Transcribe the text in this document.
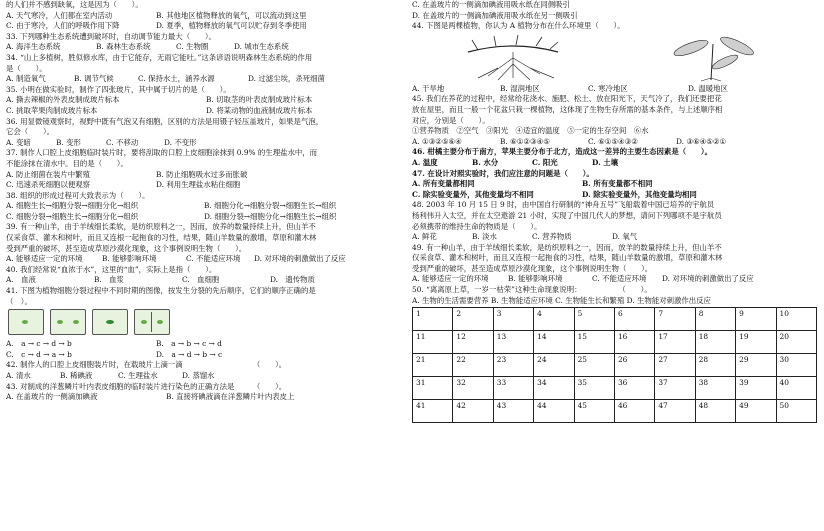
的人们并不感到缺氧，这是因为（　　）。
A. 天气寒冷，人们都在室内活动	B. 其他地区植物释放的氧气，可以流动到这里
C. 由于寒冷，人们的呼吸作用下降	D. 夏季，植物释放的氧气可以贮存到冬季使用
33. 下列哪种生态系统遭到破坏时，自动调节能力最大（　　）。
A. 海洋生态系统	B. 森林生态系统	C. 生物圈	D. 城市生态系统
34. “山上多植树，胜似修水库，由于它能存，无雨它能吐。”这条谚语说明森林生态系统的作用
是（　　）。
A. 制造氧气	B. 调节气候	C. 保持水土，涵养水源	D. 过滤尘埃，杀死细菌
35. 小明在做实验时，制作了四张玻片，其中属于切片的是（　　）。
A. 撕去辣椒的外表皮制成玻片标本	B. 切取茎的叶表皮制成玻片标本
C. 挑取苹果肉制成玻片标本	D. 将某动物的血液制成玻片标本
36. 用显微镜观察时，视野中既有气泡又有细胞，区别的方法是用镊子轻压盖玻片，如果是气泡，
它会（　　）。
A. 变暗	B. 变形	C. 不移动	D. 不变形
37. 制作人口腔上皮细胞临时装片时，要将刮取的口腔上皮细胞涂抹到 0.9% 的生理盐水中，而
不能涂抹在清水中。目的是（　　）。
A. 防止细菌在装片中繁殖	B. 防止细胞吸水过多而胀破
C. 迅速杀死细胞以便观察	D. 利用生理盐水粘住细胞
38. 组织的形成过程可大致表示为（　　）。
A. 细胞生长→细胞分裂→细胞分化→组织	B. 细胞分化→细胞分裂→细胞生长→组织
C. 细胞分裂→细胞生长→细胞分化→组织	D. 细胞分裂→细胞分化→细胞生长→组织
39. 有一种山羊，由于羊绒细长柔软，是纺织原料之一，因而，放养的数量持续上升，但山羊不
仅采食草、灌木和树叶，而且又连根一起拖食的习性，结果，随山羊数量的激增，草原和灌木林
受到严重的破坏，甚至造成草原沙漠化现象，这个事例说明生物（　　）。
A. 能够适应一定的环境	B. 能够影响环境	C. 不能适应环境	D. 对环境的刺激做出了反应
40. 我们经常说“血浓于水”，这里的“血”，实际上是指（　　）。
A.　血液	B.　血浆	C.　血细胞	D.　遗传物质
41. 下图为植物细胞分裂过程中不同时期的图像，按发生分裂的先后顺序，它们的顺序正确的是
（　）。
A.　a → c → d → b	B.　a → b → c → d
C.　c → d → a → b	D.　a → d → b → c
42. 制作人的口腔上皮细胞装片时，在载玻片上滴一滴　　　　　　　　　　（　　）。
A. 清水	B. 稀碘液	C. 生理盐水	D. 蒸馏水
43. 对制成的洋葱鳞片叶内表皮细胞的临时装片进行染色的正确方法是　　　（　　）。
A. 在盖玻片的一侧滴加碘液	B. 直接将碘液滴在洋葱鳞片叶内表皮上
C. 在盖玻片的一侧滴加碘液用吸水纸在同侧吸引
D. 在盖玻片的一侧滴加碘液用吸水纸在另一侧吸引
44. 下图是两棵植物，你认为 A 植物分布在什么环境里（　　）。
A. 干旱地	B. 湿润地区	C. 寒冷地区	D. 温暖地区
45. 我们在养花的过程中，经常给花浇水、施肥、松土、放在阳光下，天气冷了，我们还要把花
放在屋里，而且一般一个花盆只栽一棵植物，这体现了生物生存所需的基本条件，与上述顺序相
对应，分别是（　　）。
①营养物质　②空气　③阳光　④适宜的温度　⑤一定的生存空间　⑥水
A. ①③②⑤⑥④	B. ⑥①②③④⑤	C. ⑥①⑤④③②	D. ③⑥④⑤②①
46. 柑橘主要分布于南方，苹果主要分布于北方，造成这一差异的主要生态因素是（　　）。
A. 温度	B. 水分	C. 阳光	D. 土壤
47. 在设计对照实验时，我们应注意的问题是（　　）。
A. 所有变量都相同	B. 所有变量都不相同
C. 除实验变量外，其他变量均不相同	D. 除实验变量外，其他变量均相同
48. 2003 年 10 月 15 日 9 时，由中国自行研制的“神舟五号”飞船载着中国已培养的宇航员
杨利伟升入太空，并在太空遨游 21 小时，实现了中国几代人的梦想，请问下列哪项不是宇航员
必须携带的维持生命的物质是（　　）。
A. 鲜花	B. 淡水	C. 营养物质	D. 氧气
49. 有一种山羊，由于羊绒细长柔软，是纺织原料之一，因而，放羊的数量持续上升，但山羊不
仅采食草、灌木和树叶，而且又连根一起拖食的习性，结果，随山羊数量的激增，草原和灌木林
受到严重的破坏，甚至造成草原沙漠化现象，这个事例说明生物（　　）。
A. 能够适应一定的环境	B. 能够影响环境	C. 不能适应环境	D. 对环境的刺激做出了反应
50. “离离原上草，一岁一枯荣”这种生命现象说明：　　　　　　（　　）。
A. 生物的生活需要营养 B. 生物能适应环境 C. 生物能生长和繁殖 D. 生物能对刺激作出反应
1	2	3	4	5	6	7	8	9	10
11	12	13	14	15	16	17	18	19	20
21	22	23	24	25	26	27	28	29	30
31	32	33	34	35	36	37	38	39	40
41	42	43	44	45	46	47	48	49	50
